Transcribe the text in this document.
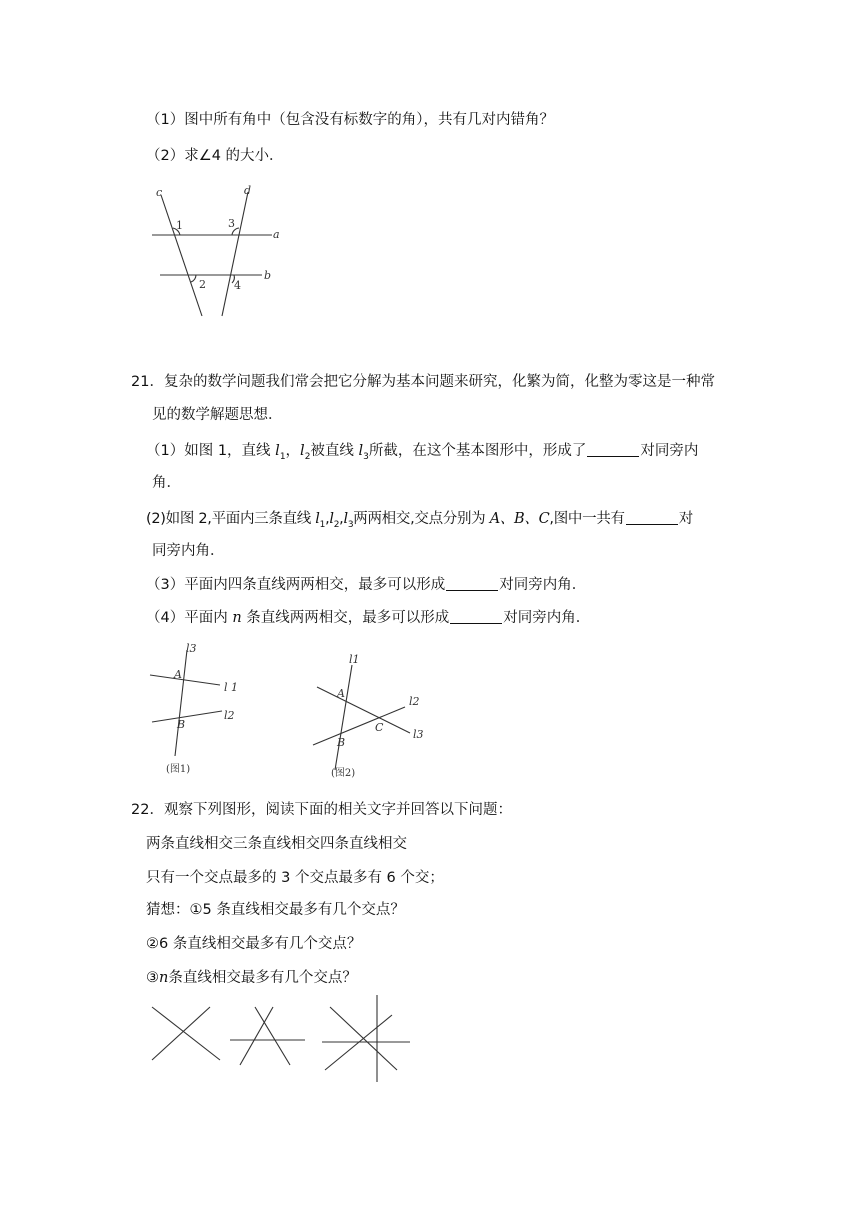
（1）图中所有角中（包含没有标数字的角），共有几对内错角？
（2）求∠4 的大小．
c	d
a
b
1
2
3
4
21．复杂的数学问题我们常会把它分解为基本问题来研究，化繁为简，化整为零这是一种常
见的数学解题思想．
（1）如图 1，直线 $l_1$，$l_2$被直线 $l_3$所截，在这个基本图形中，形成了	对同旁内
角．
(2)如图 2,平面内三条直线 $l_1,l_2,l_3$两两相交,交点分别为 A、B、C,图中一共有	对
同旁内角．
（3）平面内四条直线两两相交，最多可以形成	对同旁内角．
（4）平面内 n 条直线两两相交，最多可以形成	对同旁内角．
l3
l 1
l2
A
B
(图1)
l1
l2
l3
A
B
C
(图2)
22．观察下列图形，阅读下面的相关文字并回答以下问题：
两条直线相交三条直线相交四条直线相交
只有一个交点最多的 3 个交点最多有 6 个交；
猜想：①5 条直线相交最多有几个交点？
②6 条直线相交最多有几个交点？
③n条直线相交最多有几个交点？
